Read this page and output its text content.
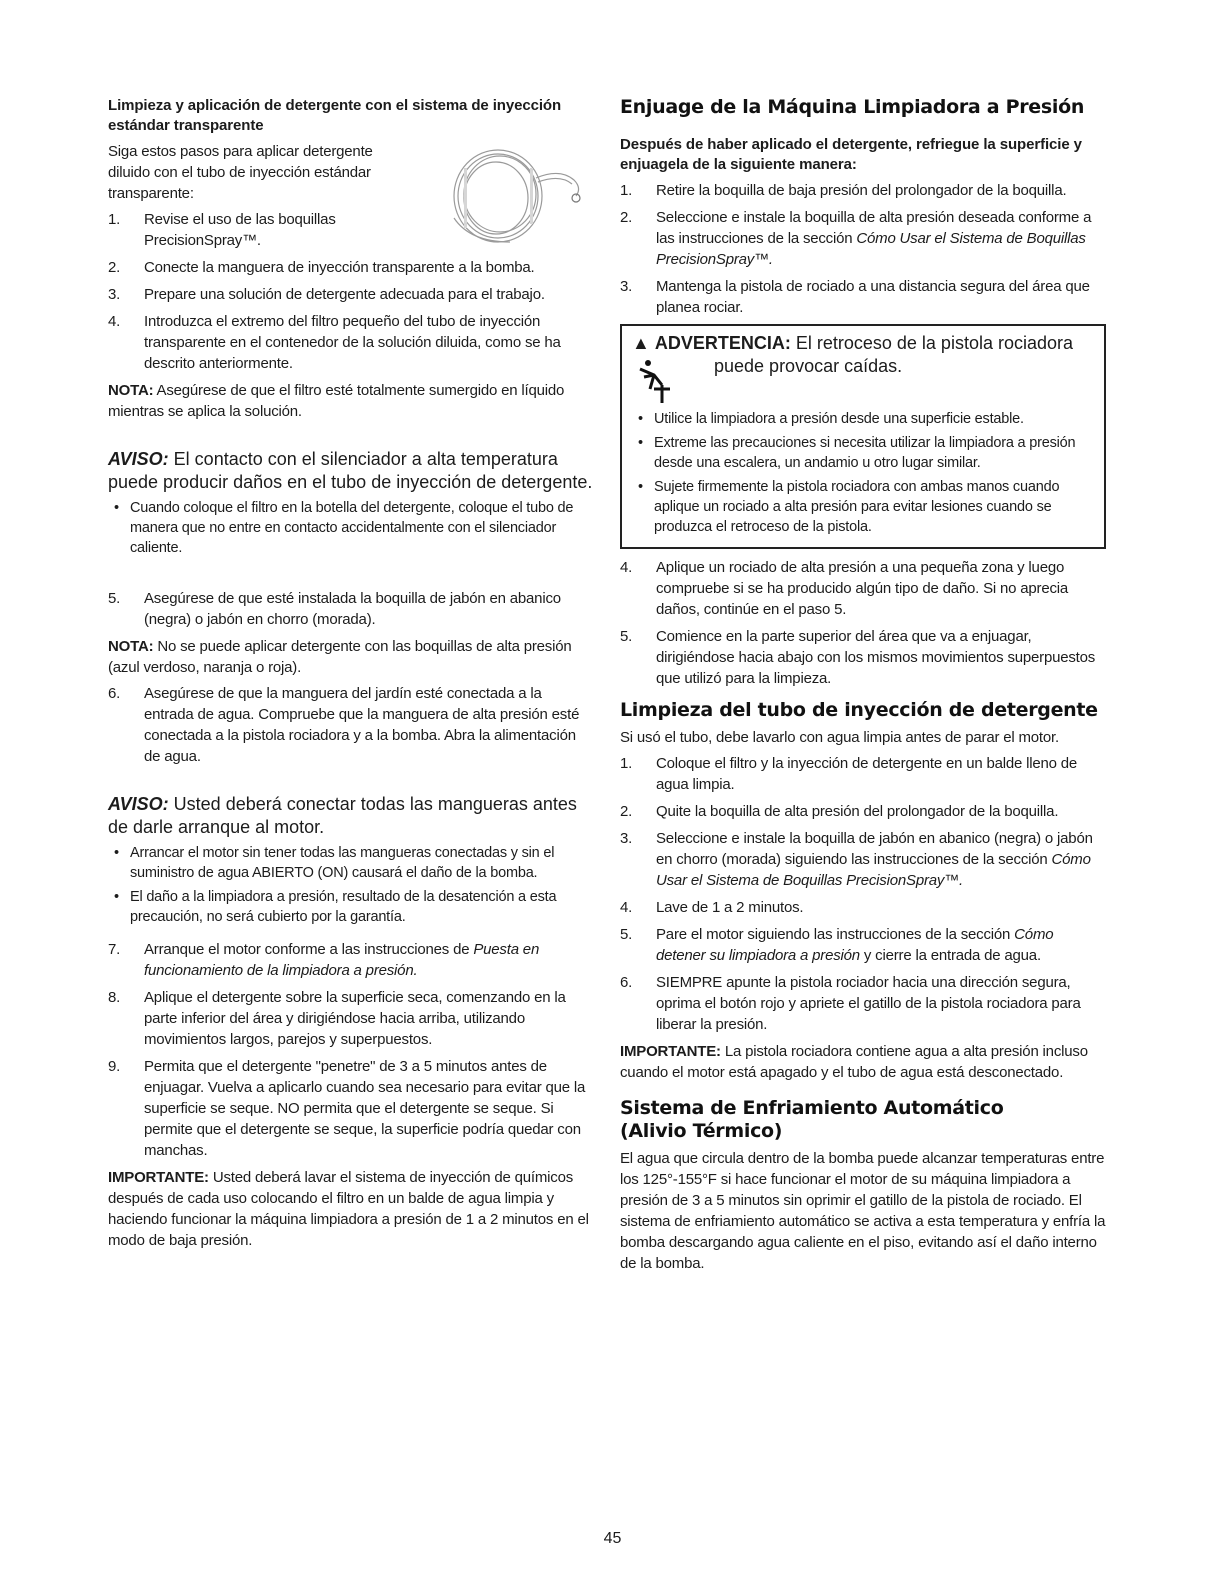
Limpieza y aplicación de detergente con el sistema de inyección estándar transparente
Siga estos pasos para aplicar detergente diluido con el tubo de inyección estándar transparente:
1.	Revise el uso de las boquillas PrecisionSpray™.
2.	Conecte la manguera de inyección transparente a la bomba.
3.	Prepare una solución de detergente adecuada para el trabajo.
4.	Introduzca el extremo del filtro pequeño del tubo de inyección transparente en el contenedor de la solución diluida, como se ha descrito anteriormente.
NOTA: Asegúrese de que el filtro esté totalmente sumergido en líquido mientras se aplica la solución.
AVISO: El contacto con el silenciador a alta temperatura puede producir daños en el tubo de inyección de detergente.
• Cuando coloque el filtro en la botella del detergente, coloque el tubo de manera que no entre en contacto accidentalmente con el silenciador caliente.
5.	Asegúrese de que esté instalada la boquilla de jabón en abanico (negra) o jabón en chorro (morada).
NOTA: No se puede aplicar detergente con las boquillas de alta presión (azul verdoso, naranja o roja).
6.	Asegúrese de que la manguera del jardín esté conectada a la entrada de agua. Compruebe que la manguera de alta presión esté conectada a la pistola rociadora y a la bomba. Abra la alimentación de agua.
AVISO: Usted deberá conectar todas las mangueras antes de darle arranque al motor.
• Arrancar el motor sin tener todas las mangueras conectadas y sin el suministro de agua ABIERTO (ON) causará el daño de la bomba.
• El daño a la limpiadora a presión, resultado de la desatención a esta precaución, no será cubierto por la garantía.
7.	Arranque el motor conforme a las instrucciones de Puesta en funcionamiento de la limpiadora a presión.
8.	Aplique el detergente sobre la superficie seca, comenzando en la parte inferior del área y dirigiéndose hacia arriba, utilizando movimientos largos, parejos y superpuestos.
9.	Permita que el detergente "penetre" de 3 a 5 minutos antes de enjuagar. Vuelva a aplicarlo cuando sea necesario para evitar que la superficie se seque. NO permita que el detergente se seque. Si permite que el detergente se seque, la superficie podría quedar con manchas.
IMPORTANTE: Usted deberá lavar el sistema de inyección de químicos después de cada uso colocando el filtro en un balde de agua limpia y haciendo funcionar la máquina limpiadora a presión de 1 a 2 minutos en el modo de baja presión.
Enjuage de la Máquina Limpiadora a Presión
Después de haber aplicado el detergente, refriegue la superficie y enjuagela de la siguiente manera:
1.	Retire la boquilla de baja presión del prolongador de la boquilla.
2.	Seleccione e instale la boquilla de alta presión deseada conforme a las instrucciones de la sección Cómo Usar el Sistema de Boquillas PrecisionSpray™.
3.	Mantenga la pistola de rociado a una distancia segura del área que planea rociar.
▲ ADVERTENCIA: El retroceso de la pistola rociadora
puede provocar caídas.
• Utilice la limpiadora a presión desde una superficie estable.
• Extreme las precauciones si necesita utilizar la limpiadora a presión desde una escalera, un andamio u otro lugar similar.
• Sujete firmemente la pistola rociadora con ambas manos cuando aplique un rociado a alta presión para evitar lesiones cuando se produzca el retroceso de la pistola.
4.	Aplique un rociado de alta presión a una pequeña zona y luego compruebe si se ha producido algún tipo de daño. Si no aprecia daños, continúe en el paso 5.
5.	Comience en la parte superior del área que va a enjuagar, dirigiéndose hacia abajo con los mismos movimientos superpuestos que utilizó para la limpieza.
Limpieza del tubo de inyección de detergente
Si usó el tubo, debe lavarlo con agua limpia antes de parar el motor.
1.	Coloque el filtro y la inyección de detergente en un balde lleno de agua limpia.
2.	Quite la boquilla de alta presión del prolongador de la boquilla.
3.	Seleccione e instale la boquilla de jabón en abanico (negra) o jabón en chorro (morada) siguiendo las instrucciones de la sección Cómo Usar el Sistema de Boquillas PrecisionSpray™.
4.	Lave de 1 a 2 minutos.
5.	Pare el motor siguiendo las instrucciones de la sección Cómo detener su limpiadora a presión y cierre la entrada de agua.
6.	SIEMPRE apunte la pistola rociador hacia una dirección segura, oprima el botón rojo y apriete el gatillo de la pistola rociadora para liberar la presión.
IMPORTANTE: La pistola rociadora contiene agua a alta presión incluso cuando el motor está apagado y el tubo de agua está desconectado.
Sistema de Enfriamiento Automático
(Alivio Térmico)
El agua que circula dentro de la bomba puede alcanzar temperaturas entre los 125°-155°F si hace funcionar el motor de su máquina limpiadora a presión de 3 a 5 minutos sin oprimir el gatillo de la pistola de rociado. El sistema de enfriamiento automático se activa a esta temperatura y enfría la bomba descargando agua caliente en el piso, evitando así el daño interno de la bomba.
45
